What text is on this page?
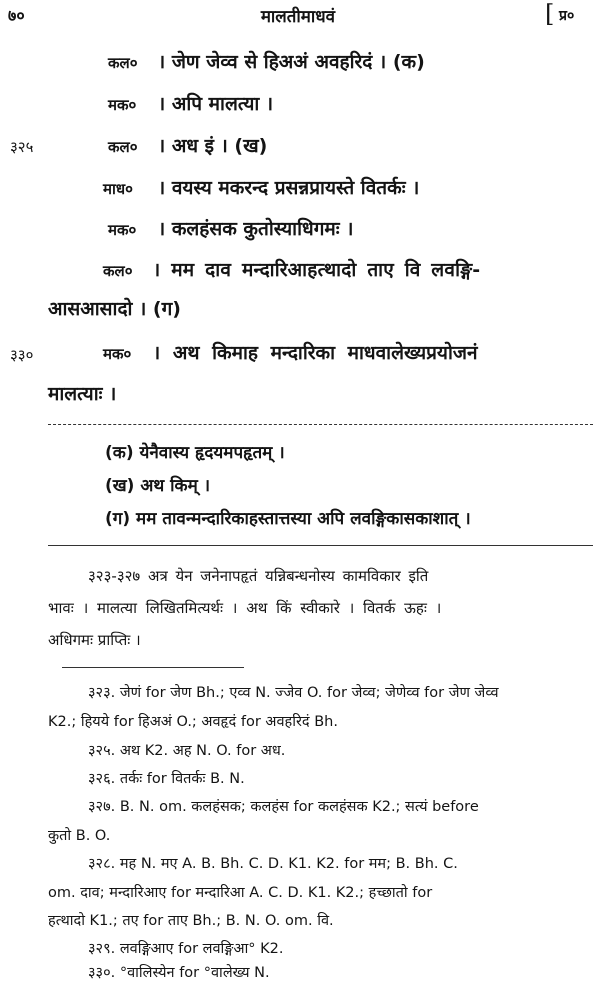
७०	मालतीमाधवं	[ प्र०
कल० । जेण जेव्व से हिअअं अवहरिदं । (क)
मक० । अपि मालत्या ।
३२५	कल० । अध इं । (ख)
माध० । वयस्य मकरन्द प्रसन्नप्रायस्ते वितर्कः ।
मक० । कलहंसक कुतोस्याधिगमः ।
कल० । मम दाव मन्दारिआहत्थादो ताए वि लवङ्गि-
आसआसादो । (ग)
३३०	मक० । अथ किमाह मन्दारिका माधवालेख्यप्रयोजनं
मालत्याः ।
(क) येनैवास्य हृदयमपहृतम् ।
(ख) अथ किम् ।
(ग) मम तावन्मन्दारिकाहस्तात्तस्या अपि लवङ्गिकासकाशात् ।
३२३-३२७ अत्र येन जनेनापहृतं यन्निबन्धनोस्य कामविकार इति
भावः । मालत्या लिखितमित्यर्थः । अथ किं स्वीकारे । वितर्क ऊहः ।
अधिगमः प्राप्तिः ।
३२३. जेणं for जेण Bh.; एव्व N. ज्जेव O. for जेव्व; जेणेव्व for जेण जेव्व
K2.; हियये for हिअअं O.; अवहृदं for अवहरिदं Bh.
३२५. अथ K2. अह N. O. for अध.
३२६. तर्कः for वितर्कः B. N.
३२७. B. N. om. कलहंसक; कलहंस for कलहंसक K2.; सत्यं before
कुतो B. O.
३२८. मह N. मए A. B. Bh. C. D. K1. K2. for मम; B. Bh. C.
om. दाव; मन्दारिआए for मन्दारिआ A. C. D. K1. K2.; हच्छातो for
हत्थादो K1.; तए for ताए Bh.; B. N. O. om. वि.
३२९. लवङ्गिआए for लवङ्गिआ° K2.
३३०. °वालिस्येन for °वालेख्य N.
